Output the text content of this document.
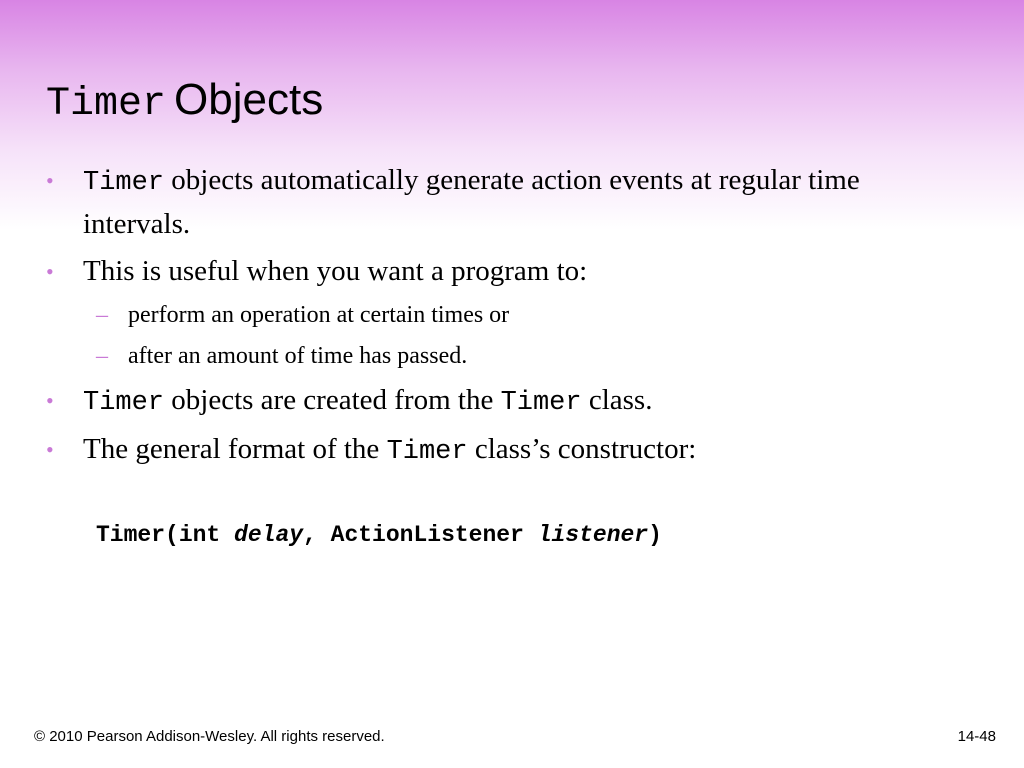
Timer Objects
•	Timer objects automatically generate action events at regular time intervals.
•	This is useful when you want a program to:
– perform an operation at certain times or
– after an amount of time has passed.
•	Timer objects are created from the Timer class.
•	The general format of the Timer class’s constructor:
Timer(int delay, ActionListener listener)
© 2010 Pearson Addison-Wesley. All rights reserved.	14-48
